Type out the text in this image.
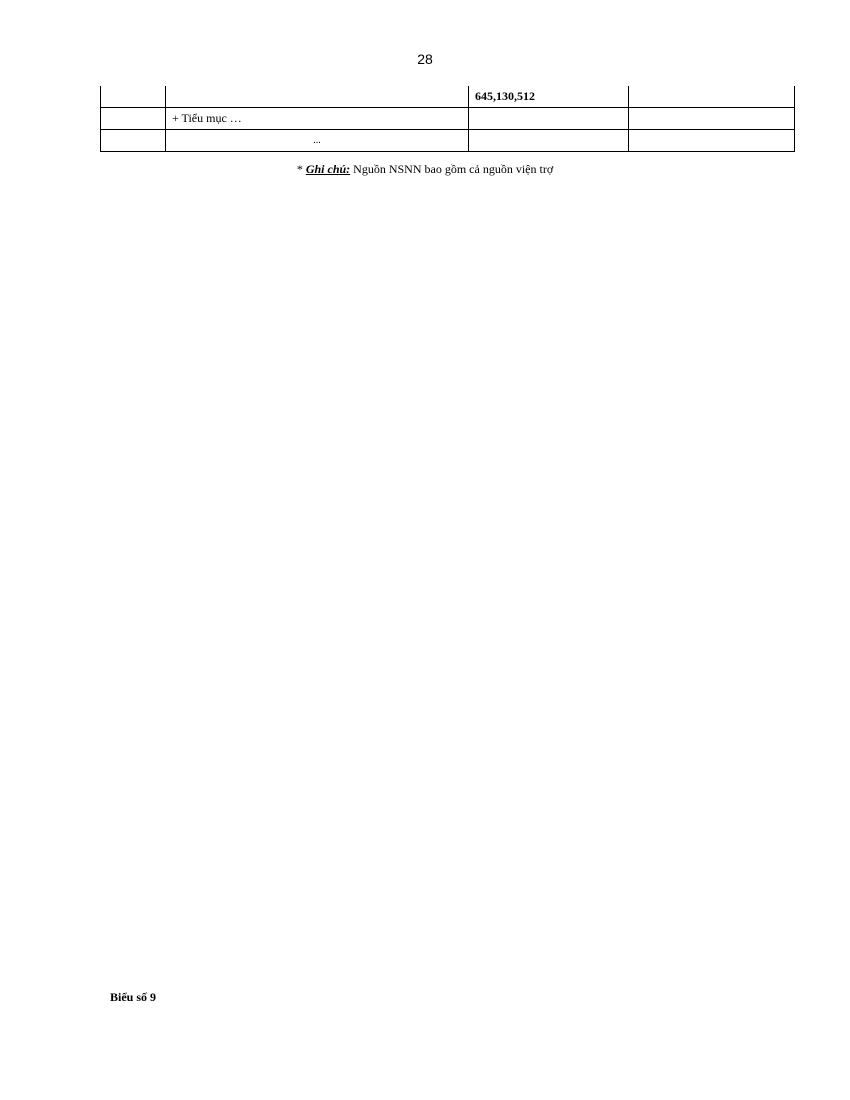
28
		645,130,512	
	+ Tiểu mục …		
	...		
* Ghi chú: Nguồn NSNN bao gồm cả nguồn viện trợ
Biểu số 9
